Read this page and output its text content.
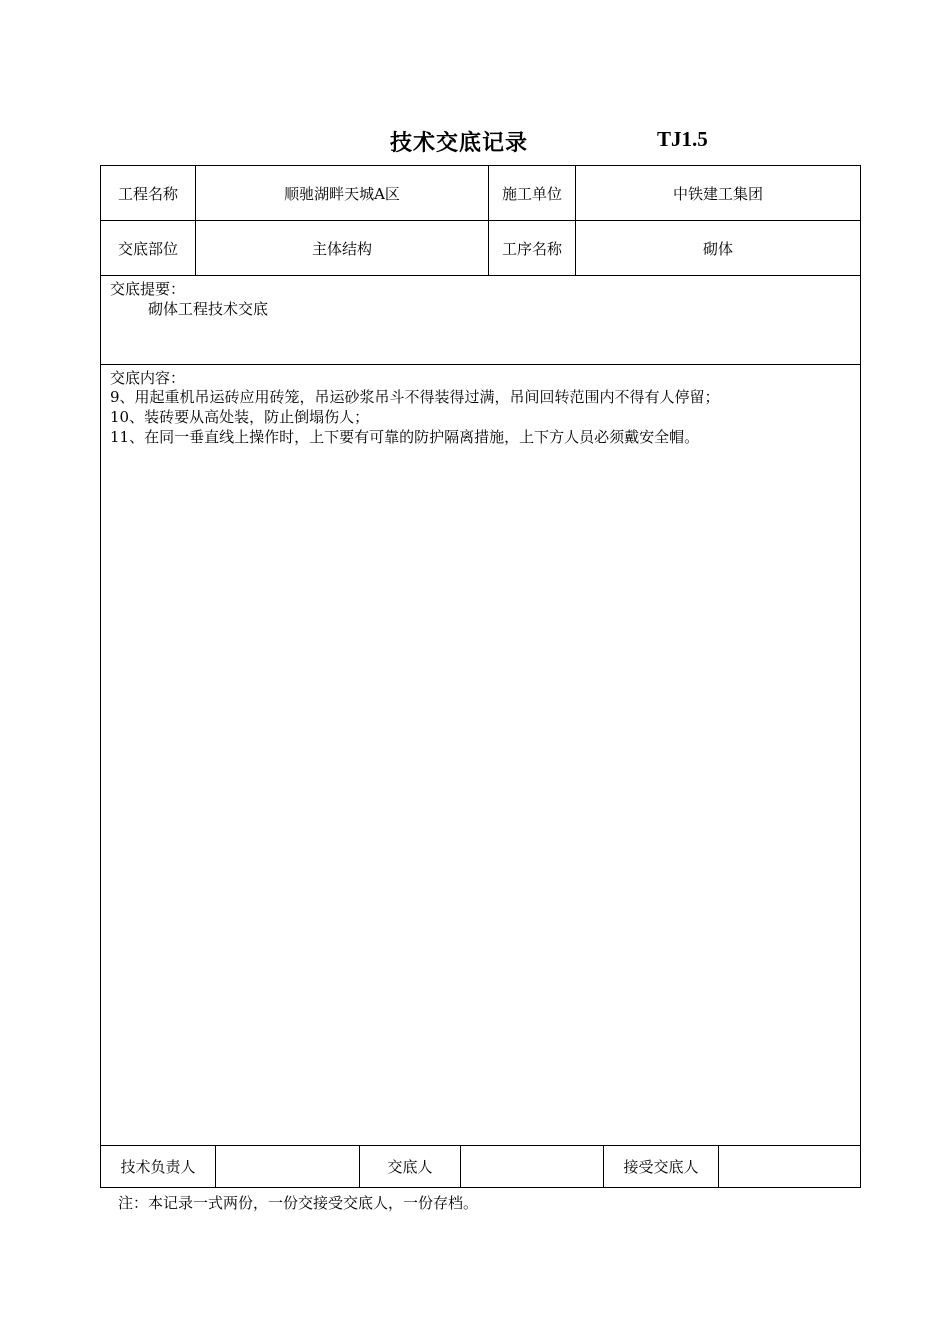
技术交底记录	TJ1.5
工程名称	顺驰湖畔天城A区	施工单位	中铁建工集团
交底部位	主体结构	工序名称	砌体
交底提要：
砌体工程技术交底
交底内容：
9、用起重机吊运砖应用砖笼，吊运砂浆吊斗不得装得过满，吊间回转范围内不得有人停留；
10、装砖要从高处装，防止倒塌伤人；
11、在同一垂直线上操作时，上下要有可靠的防护隔离措施，上下方人员必须戴安全帽。
技术负责人	交底人	接受交底人
注：本记录一式两份，一份交接受交底人，一份存档。
